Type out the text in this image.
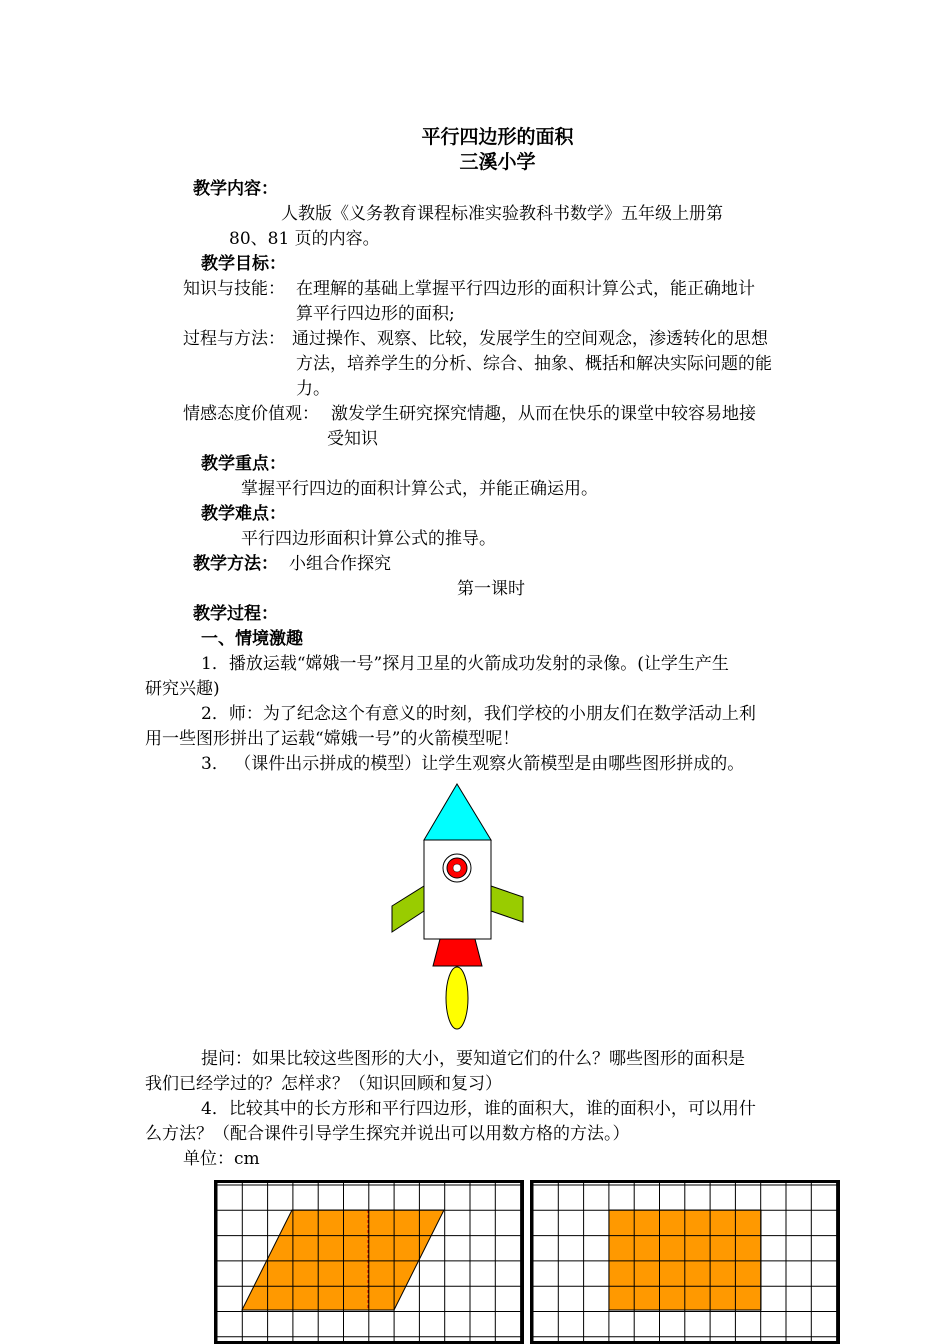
平行四边形的面积
三溪小学
教学内容：
人教版《义务教育课程标准实验教科书数学》五年级上册第
80、81 页的内容。
教学目标：
知识与技能： 在理解的基础上掌握平行四边形的面积计算公式，能正确地计
算平行四边形的面积;
过程与方法： 通过操作、观察、比较，发展学生的空间观念，渗透转化的思想
方法，培养学生的分析、综合、抽象、概括和解决实际问题的能
力。
情感态度价值观： 激发学生研究探究情趣，从而在快乐的课堂中较容易地接
受知识
教学重点：
掌握平行四边的面积计算公式，并能正确运用。
教学难点：
平行四边形面积计算公式的推导。
教学方法： 小组合作探究
第一课时
教学过程：
一、情境激趣
1．播放运载“嫦娥一号”探月卫星的火箭成功发射的录像。(让学生产生
研究兴趣)
2．师：为了纪念这个有意义的时刻，我们学校的小朋友们在数学活动上利
用一些图形拼出了运载“嫦娥一号”的火箭模型呢！
3． （课件出示拼成的模型）让学生观察火箭模型是由哪些图形拼成的。
提问：如果比较这些图形的大小，要知道它们的什么？哪些图形的面积是
我们已经学过的？怎样求？（知识回顾和复习）
4．比较其中的长方形和平行四边形，谁的面积大，谁的面积小，可以用什
么方法？（配合课件引导学生探究并说出可以用数方格的方法。）
单位：cm
